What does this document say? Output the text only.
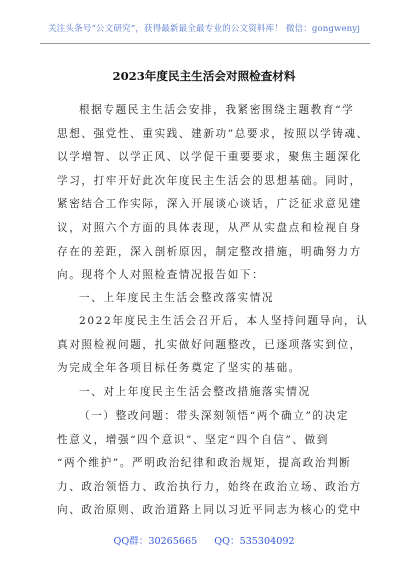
关注头条号“公文研究”，获得最新最全最专业的公文资料库！ 微信：gongwenyj
2023年度民主生活会对照检查材料
根据专题民主生活会安排，我紧密围绕主题教育“学
思想、强党性、重实践、建新功”总要求，按照以学铸魂、
以学增智、以学正风、以学促干重要要求，聚焦主题深化
学习，打牢开好此次年度民主生活会的思想基础。同时，
紧密结合工作实际，深入开展谈心谈话，广泛征求意见建
议，对照六个方面的具体表现，从严从实盘点和检视自身
存在的差距，深入剖析原因，制定整改措施，明确努力方
向。现将个人对照检查情况报告如下：
一、上年度民主生活会整改落实情况
2022年度民主生活会召开后，本人坚持问题导向，认
真对照检视问题，扎实做好问题整改，已逐项落实到位，
为完成全年各项目标任务奠定了坚实的基础。
一、对上年度民主生活会整改措施落实情况
（一）整改问题：带头深刻领悟“两个确立”的决定
性意义，增强“四个意识”、坚定“四个自信”、做到
“两个维护”。严明政治纪律和政治规矩，提高政治判断
力、政治领悟力、政治执行力，始终在政治立场、政治方
向、政治原则、政治道路上同以习近平同志为核心的党中
QQ群：30265665 QQ：535304092
